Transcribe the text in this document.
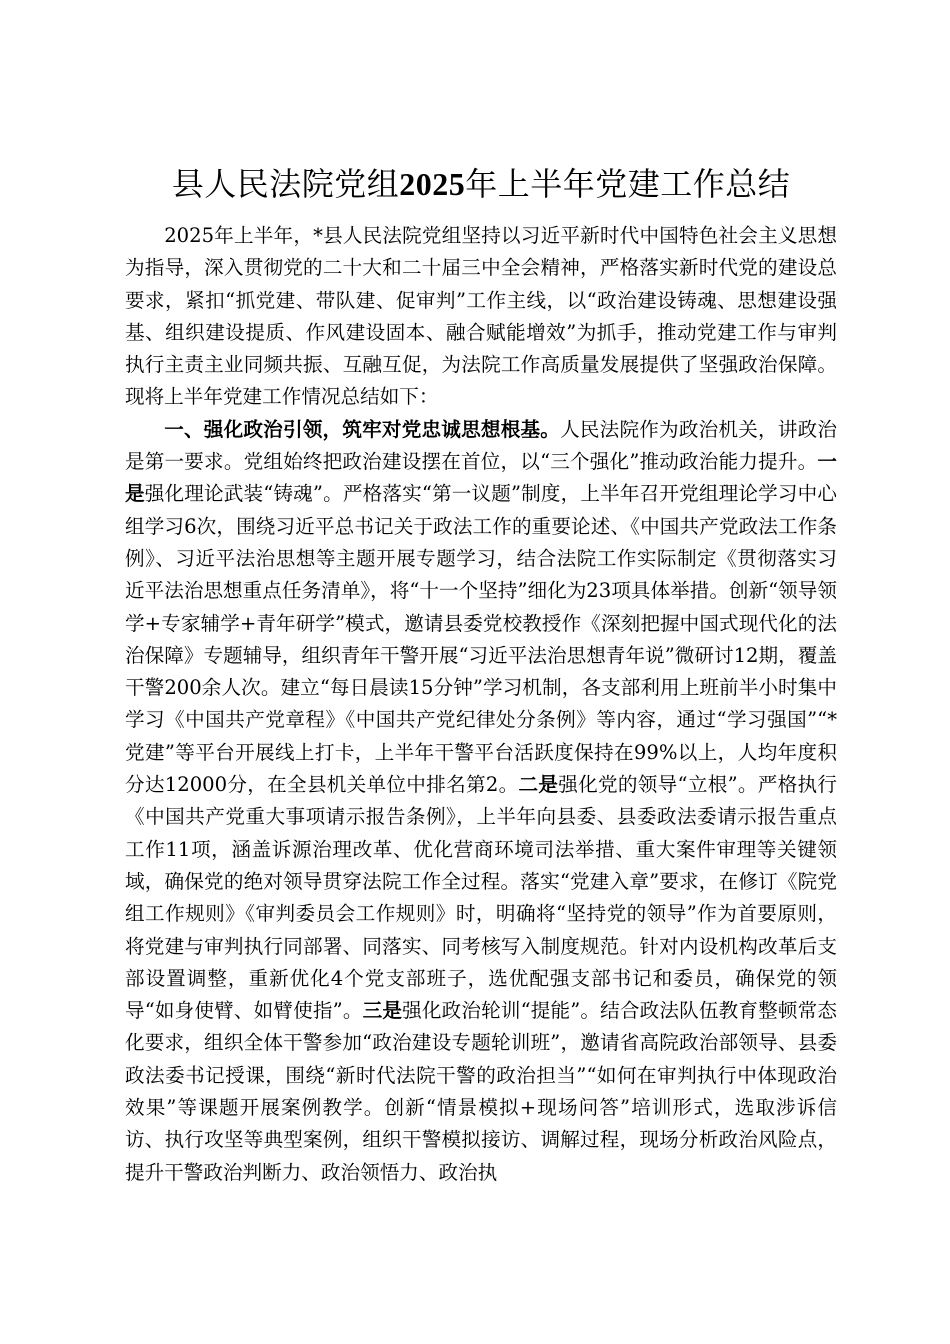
县人民法院党组2025年上半年党建工作总结

2025年上半年，*县人民法院党组坚持以习近平新时代中国特色社会主义思想为指导，深入贯彻党的二十大和二十届三中全会精神，严格落实新时代党的建设总要求，紧扣“抓党建、带队建、促审判”工作主线，以“政治建设铸魂、思想建设强基、组织建设提质、作风建设固本、融合赋能增效”为抓手，推动党建工作与审判执行主责主业同频共振、互融互促，为法院工作高质量发展提供了坚强政治保障。现将上半年党建工作情况总结如下：

一、强化政治引领，筑牢对党忠诚思想根基。人民法院作为政治机关，讲政治是第一要求。党组始终把政治建设摆在首位，以“三个强化”推动政治能力提升。一是强化理论武装“铸魂”。严格落实“第一议题”制度，上半年召开党组理论学习中心组学习6次，围绕习近平总书记关于政法工作的重要论述、《中国共产党政法工作条例》、习近平法治思想等主题开展专题学习，结合法院工作实际制定《贯彻落实习近平法治思想重点任务清单》，将“十一个坚持”细化为23项具体举措。创新“领导领学+专家辅学+青年研学”模式，邀请县委党校教授作《深刻把握中国式现代化的法治保障》专题辅导，组织青年干警开展“习近平法治思想青年说”微研讨12期，覆盖干警200余人次。建立“每日晨读15分钟”学习机制，各支部利用上班前半小时集中学习《中国共产党章程》《中国共产党纪律处分条例》等内容，通过“学习强国”“*党建”等平台开展线上打卡，上半年干警平台活跃度保持在99%以上，人均年度积分达12000分，在全县机关单位中排名第2。二是强化党的领导“立根”。严格执行《中国共产党重大事项请示报告条例》，上半年向县委、县委政法委请示报告重点工作11项，涵盖诉源治理改革、优化营商环境司法举措、重大案件审理等关键领域，确保党的绝对领导贯穿法院工作全过程。落实“党建入章”要求，在修订《院党组工作规则》《审判委员会工作规则》时，明确将“坚持党的领导”作为首要原则，将党建与审判执行同部署、同落实、同考核写入制度规范。针对内设机构改革后支部设置调整，重新优化4个党支部班子，选优配强支部书记和委员，确保党的领导“如身使臂、如臂使指”。三是强化政治轮训“提能”。结合政法队伍教育整顿常态化要求，组织全体干警参加“政治建设专题轮训班”，邀请省高院政治部领导、县委政法委书记授课，围绕“新时代法院干警的政治担当”“如何在审判执行中体现政治效果”等课题开展案例教学。创新“情景模拟+现场问答”培训形式，选取涉诉信访、执行攻坚等典型案例，组织干警模拟接访、调解过程，现场分析政治风险点，提升干警政治判断力、政治领悟力、政治执
